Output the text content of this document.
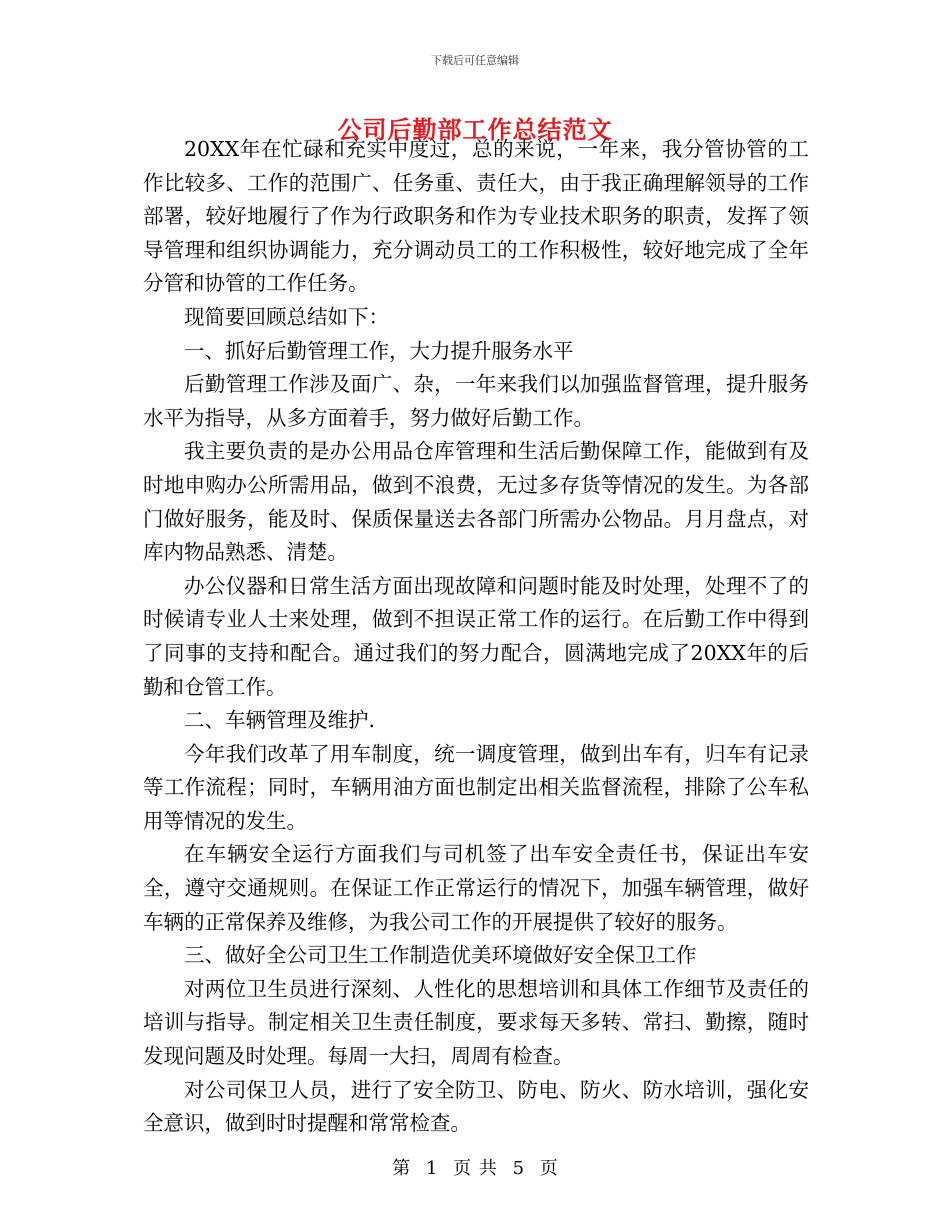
下载后可任意编辑
公司后勤部工作总结范文

20XX年在忙碌和充实中度过，总的来说，一年来，我分管协管的工作比较多、工作的范围广、任务重、责任大，由于我正确理解领导的工作部署，较好地履行了作为行政职务和作为专业技术职务的职责，发挥了领导管理和组织协调能力，充分调动员工的工作积极性，较好地完成了全年分管和协管的工作任务。

现简要回顾总结如下：

一、抓好后勤管理工作，大力提升服务水平

后勤管理工作涉及面广、杂，一年来我们以加强监督管理，提升服务水平为指导，从多方面着手，努力做好后勤工作。

我主要负责的是办公用品仓库管理和生活后勤保障工作，能做到有及时地申购办公所需用品，做到不浪费，无过多存货等情况的发生。为各部门做好服务，能及时、保质保量送去各部门所需办公物品。月月盘点，对库内物品熟悉、清楚。

办公仪器和日常生活方面出现故障和问题时能及时处理，处理不了的时候请专业人士来处理，做到不担误正常工作的运行。在后勤工作中得到了同事的支持和配合。通过我们的努力配合，圆满地完成了20XX年的后勤和仓管工作。

二、车辆管理及维护.

今年我们改革了用车制度，统一调度管理，做到出车有，归车有记录等工作流程；同时，车辆用油方面也制定出相关监督流程，排除了公车私用等情况的发生。

在车辆安全运行方面我们与司机签了出车安全责任书，保证出车安全，遵守交通规则。在保证工作正常运行的情况下，加强车辆管理，做好车辆的正常保养及维修，为我公司工作的开展提供了较好的服务。

三、做好全公司卫生工作制造优美环境做好安全保卫工作

对两位卫生员进行深刻、人性化的思想培训和具体工作细节及责任的培训与指导。制定相关卫生责任制度，要求每天多转、常扫、勤擦，随时发现问题及时处理。每周一大扫，周周有检查。

对公司保卫人员，进行了安全防卫、防电、防火、防水培训，强化安全意识，做到时时提醒和常常检查。

第 1 页 共 5 页
